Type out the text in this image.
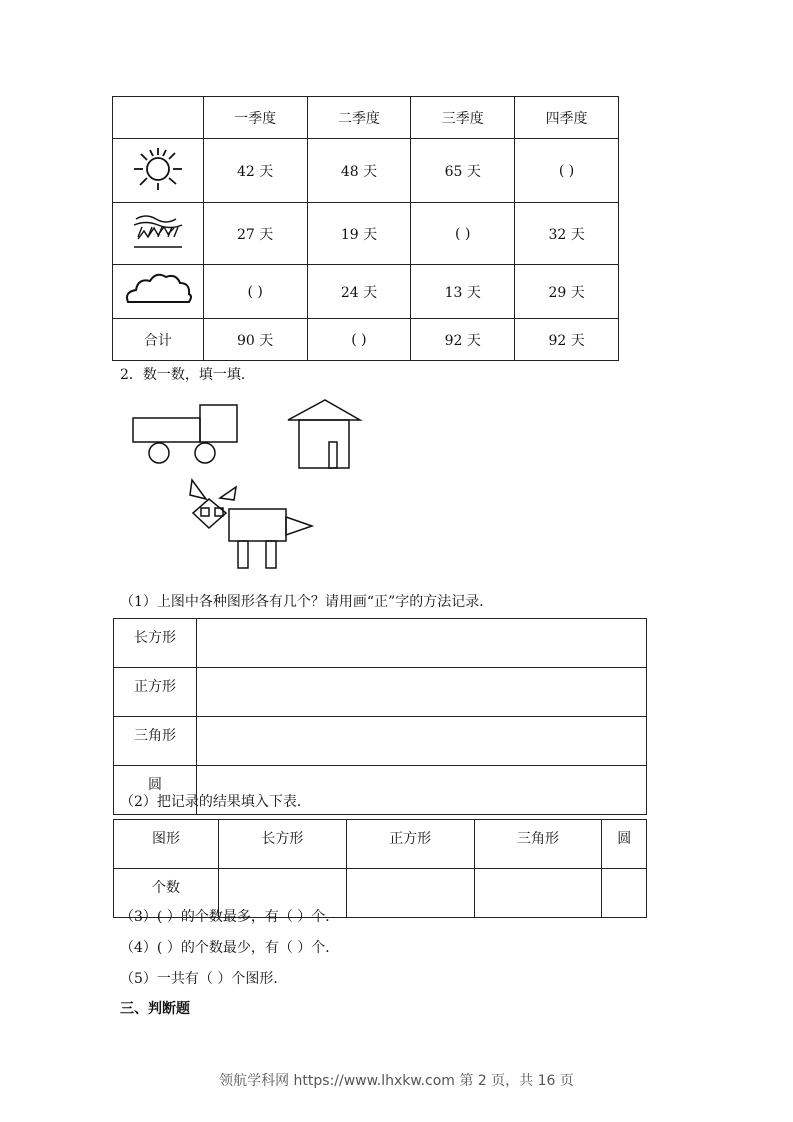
	一季度	二季度	三季度	四季度
	42 天	48 天	65 天	( )
	27 天	19 天	( )	32 天
	( )	24 天	13 天	29 天
合计	90 天	( )	92 天	92 天
2．数一数，填一填．
（1）上图中各种图形各有几个？请用画“正”字的方法记录．
长方形	
正方形	
三角形	
圆	
（2）把记录的结果填入下表．
图形	长方形	正方形	三角形	圆
个数				
（3）( ）的个数最多，有（ ）个．
（4）( ）的个数最少，有（ ）个．
（5）一共有（ ）个图形．
三、判断题
领航学科网 https://www.lhxkw.com 第 2 页，共 16 页
